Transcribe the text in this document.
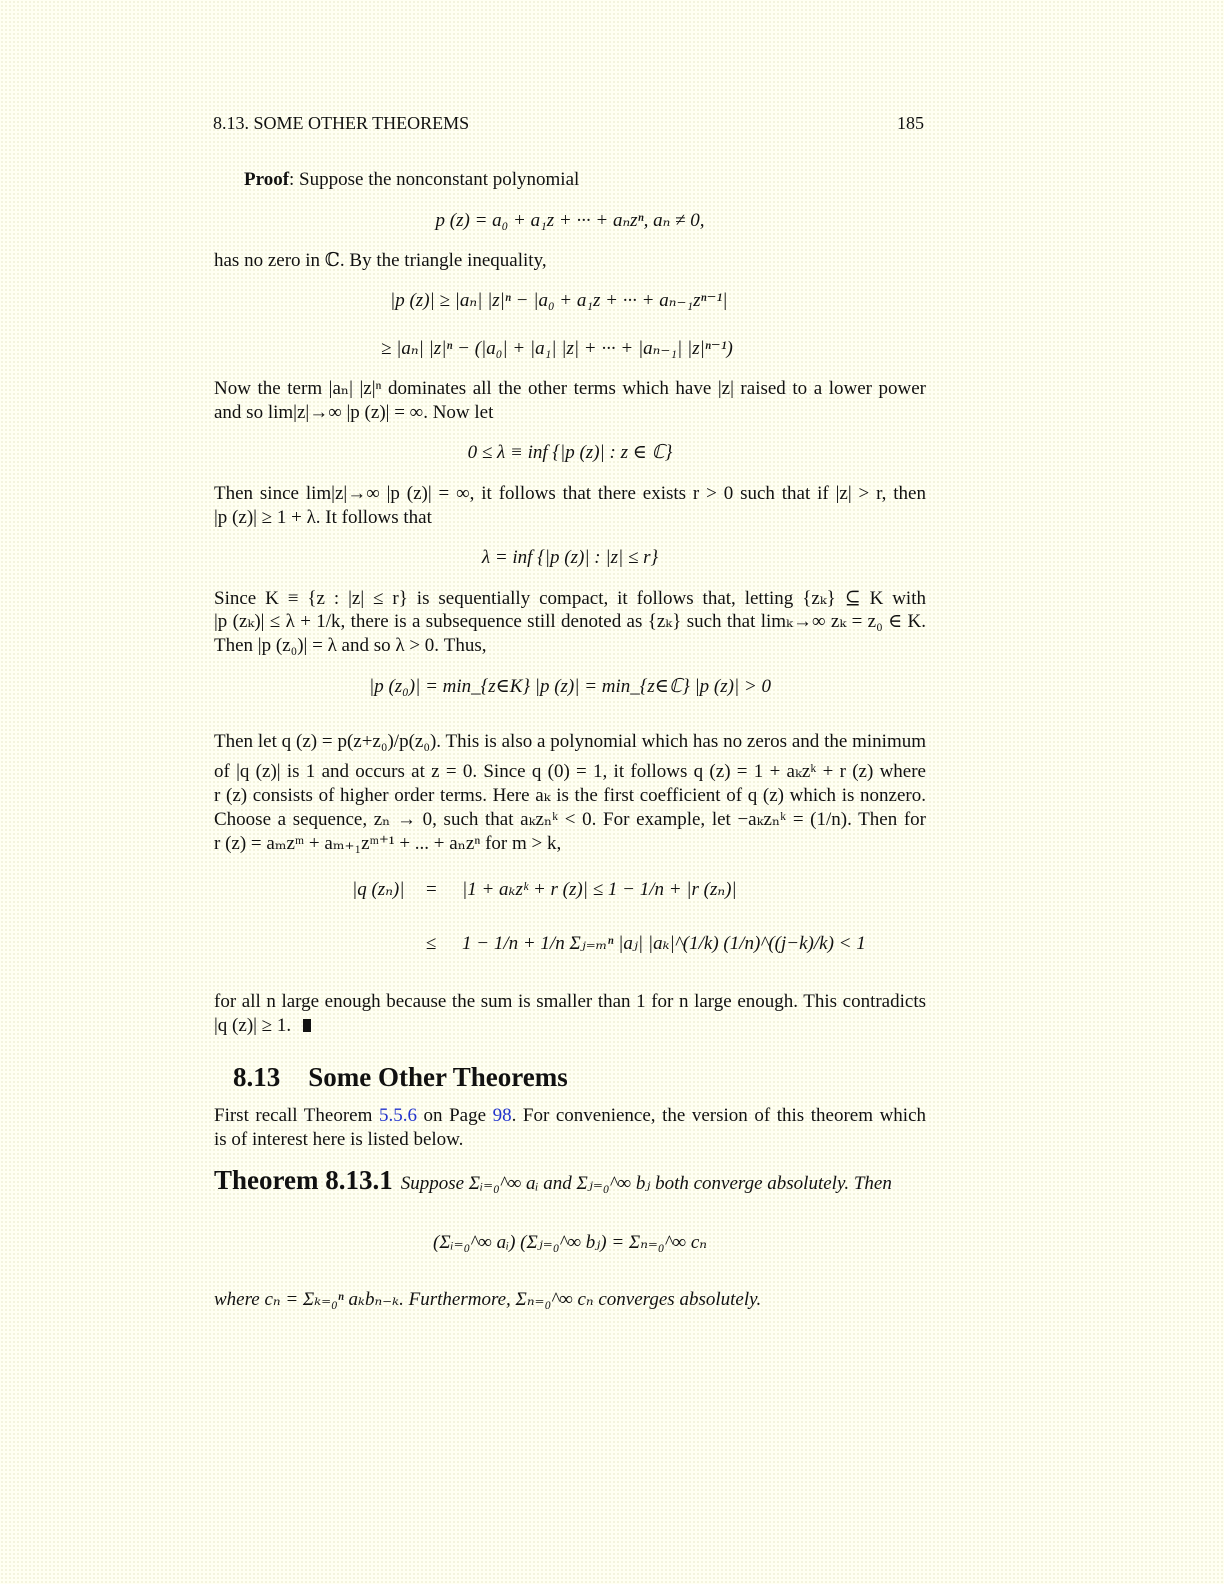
8.13. SOME OTHER THEOREMS	185
Proof: Suppose the nonconstant polynomial
p (z) = a₀ + a₁z + ··· + aₙzⁿ, aₙ ≠ 0,
has no zero in ℂ. By the triangle inequality,
|p (z)| ≥ |aₙ| |z|ⁿ − |a₀ + a₁z + ··· + aₙ₋₁zⁿ⁻¹|
≥ |aₙ| |z|ⁿ − (|a₀| + |a₁| |z| + ··· + |aₙ₋₁| |z|ⁿ⁻¹)
Now the term |aₙ| |z|ⁿ dominates all the other terms which have |z| raised to a lower power
and so lim|z|→∞ |p (z)| = ∞. Now let
0 ≤ λ ≡ inf {|p (z)| : z ∈ ℂ}
Then since lim|z|→∞ |p (z)| = ∞, it follows that there exists r > 0 such that if |z| > r, then
|p (z)| ≥ 1 + λ. It follows that
λ = inf {|p (z)| : |z| ≤ r}
Since K ≡ {z : |z| ≤ r} is sequentially compact, it follows that, letting {zₖ} ⊆ K with
|p (zₖ)| ≤ λ + 1/k, there is a subsequence still denoted as {zₖ} such that limₖ→∞ zₖ = z₀ ∈ K.
Then |p (z₀)| = λ and so λ > 0. Thus,
|p (z₀)| = min_{z∈K} |p (z)| = min_{z∈ℂ} |p (z)| > 0
Then let q (z) = p(z+z₀)/p(z₀). This is also a polynomial which has no zeros and the minimum
of |q (z)| is 1 and occurs at z = 0. Since q (0) = 1, it follows q (z) = 1 + aₖzᵏ + r (z) where
r (z) consists of higher order terms. Here aₖ is the first coefficient of q (z) which is nonzero.
Choose a sequence, zₙ → 0, such that aₖzₙᵏ < 0. For example, let −aₖzₙᵏ = (1/n). Then for
r (z) = aₘzᵐ + aₘ₊₁zᵐ⁺¹ + ... + aₙzⁿ for m > k,
|q (zₙ)| = |1 + aₖzᵏ + r (z)| ≤ 1 − 1/n + |r (zₙ)|
≤ 1 − 1/n + 1/n Σⱼ₌ₘⁿ |aⱼ| |aₖ|^(1/k) (1/n)^((j−k)/k) < 1
for all n large enough because the sum is smaller than 1 for n large enough. This contradicts
|q (z)| ≥ 1.
8.13 Some Other Theorems
First recall Theorem 5.5.6 on Page 98. For convenience, the version of this theorem which
is of interest here is listed below.
Theorem 8.13.1 Suppose Σᵢ₌₀^∞ aᵢ and Σⱼ₌₀^∞ bⱼ both converge absolutely. Then
(Σᵢ₌₀^∞ aᵢ) (Σⱼ₌₀^∞ bⱼ) = Σₙ₌₀^∞ cₙ
where cₙ = Σₖ₌₀ⁿ aₖbₙ₋ₖ. Furthermore, Σₙ₌₀^∞ cₙ converges absolutely.
